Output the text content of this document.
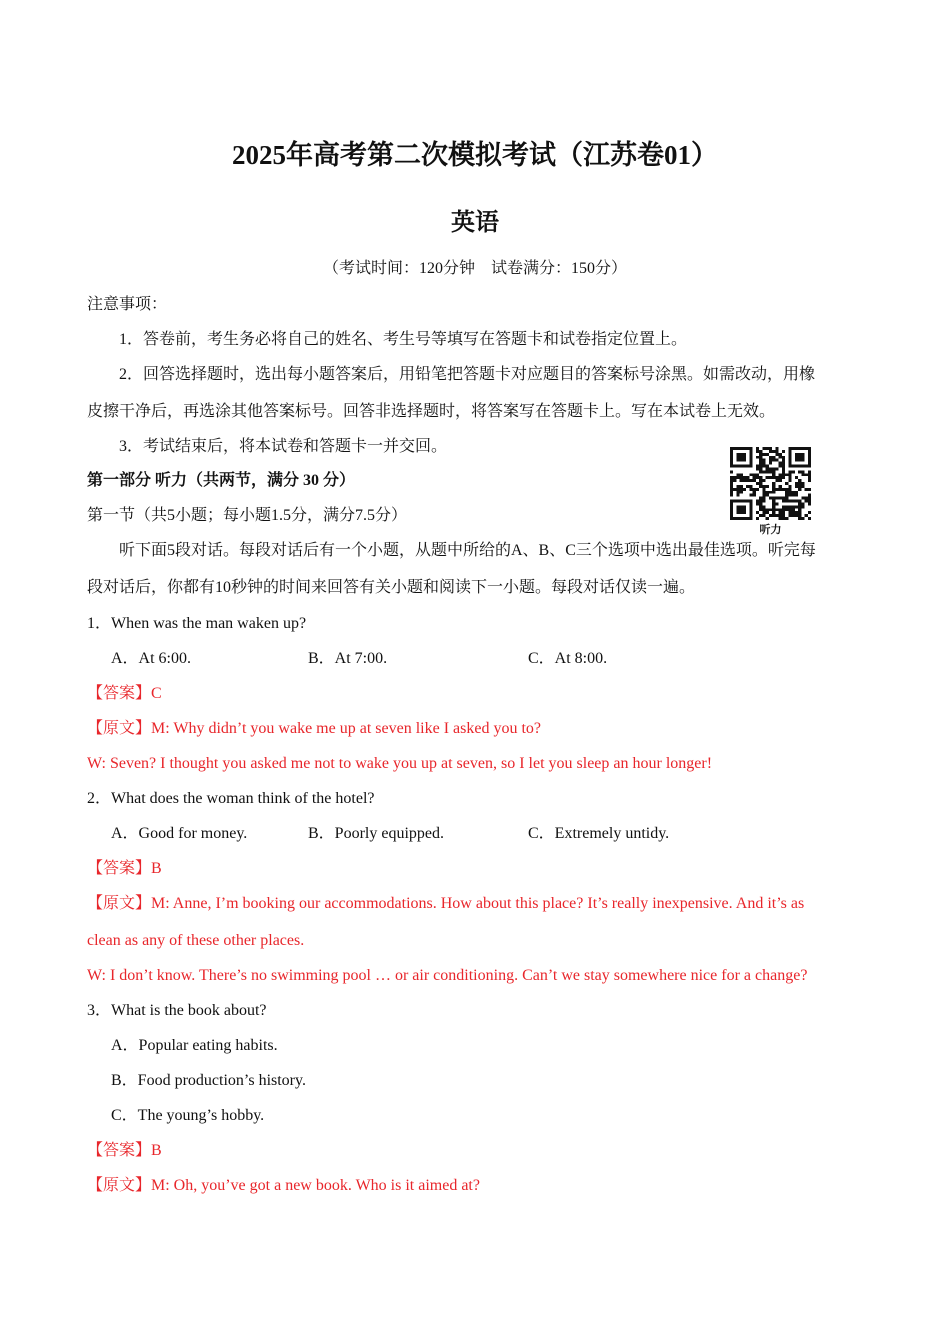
2025年高考第二次模拟考试（江苏卷01）
英语
（考试时间：120分钟　试卷满分：150分）
注意事项：
1．答卷前，考生务必将自己的姓名、考生号等填写在答题卡和试卷指定位置上。
2．回答选择题时，选出每小题答案后，用铅笔把答题卡对应题目的答案标号涂黑。如需改动，用橡
皮擦干净后，再选涂其他答案标号。回答非选择题时，将答案写在答题卡上。写在本试卷上无效。
3．考试结束后，将本试卷和答题卡一并交回。
第一部分 听力（共两节，满分 30 分）
第一节（共5小题；每小题1.5分，满分7.5分）
听力
听下面5段对话。每段对话后有一个小题，从题中所给的A、B、C三个选项中选出最佳选项。听完每
段对话后，你都有10秒钟的时间来回答有关小题和阅读下一小题。每段对话仅读一遍。
1．When was the man waken up?
A．At 6:00.	B．At 7:00.	C．At 8:00.
【答案】C
【原文】M: Why didn’t you wake me up at seven like I asked you to?
W: Seven? I thought you asked me not to wake you up at seven, so I let you sleep an hour longer!
2．What does the woman think of the hotel?
A．Good for money.	B．Poorly equipped.	C．Extremely untidy.
【答案】B
【原文】M: Anne, I’m booking our accommodations. How about this place? It’s really inexpensive. And it’s as
clean as any of these other places.
W: I don’t know. There’s no swimming pool … or air conditioning. Can’t we stay somewhere nice for a change?
3．What is the book about?
A．Popular eating habits.
B．Food production’s history.
C．The young’s hobby.
【答案】B
【原文】M: Oh, you’ve got a new book. Who is it aimed at?
